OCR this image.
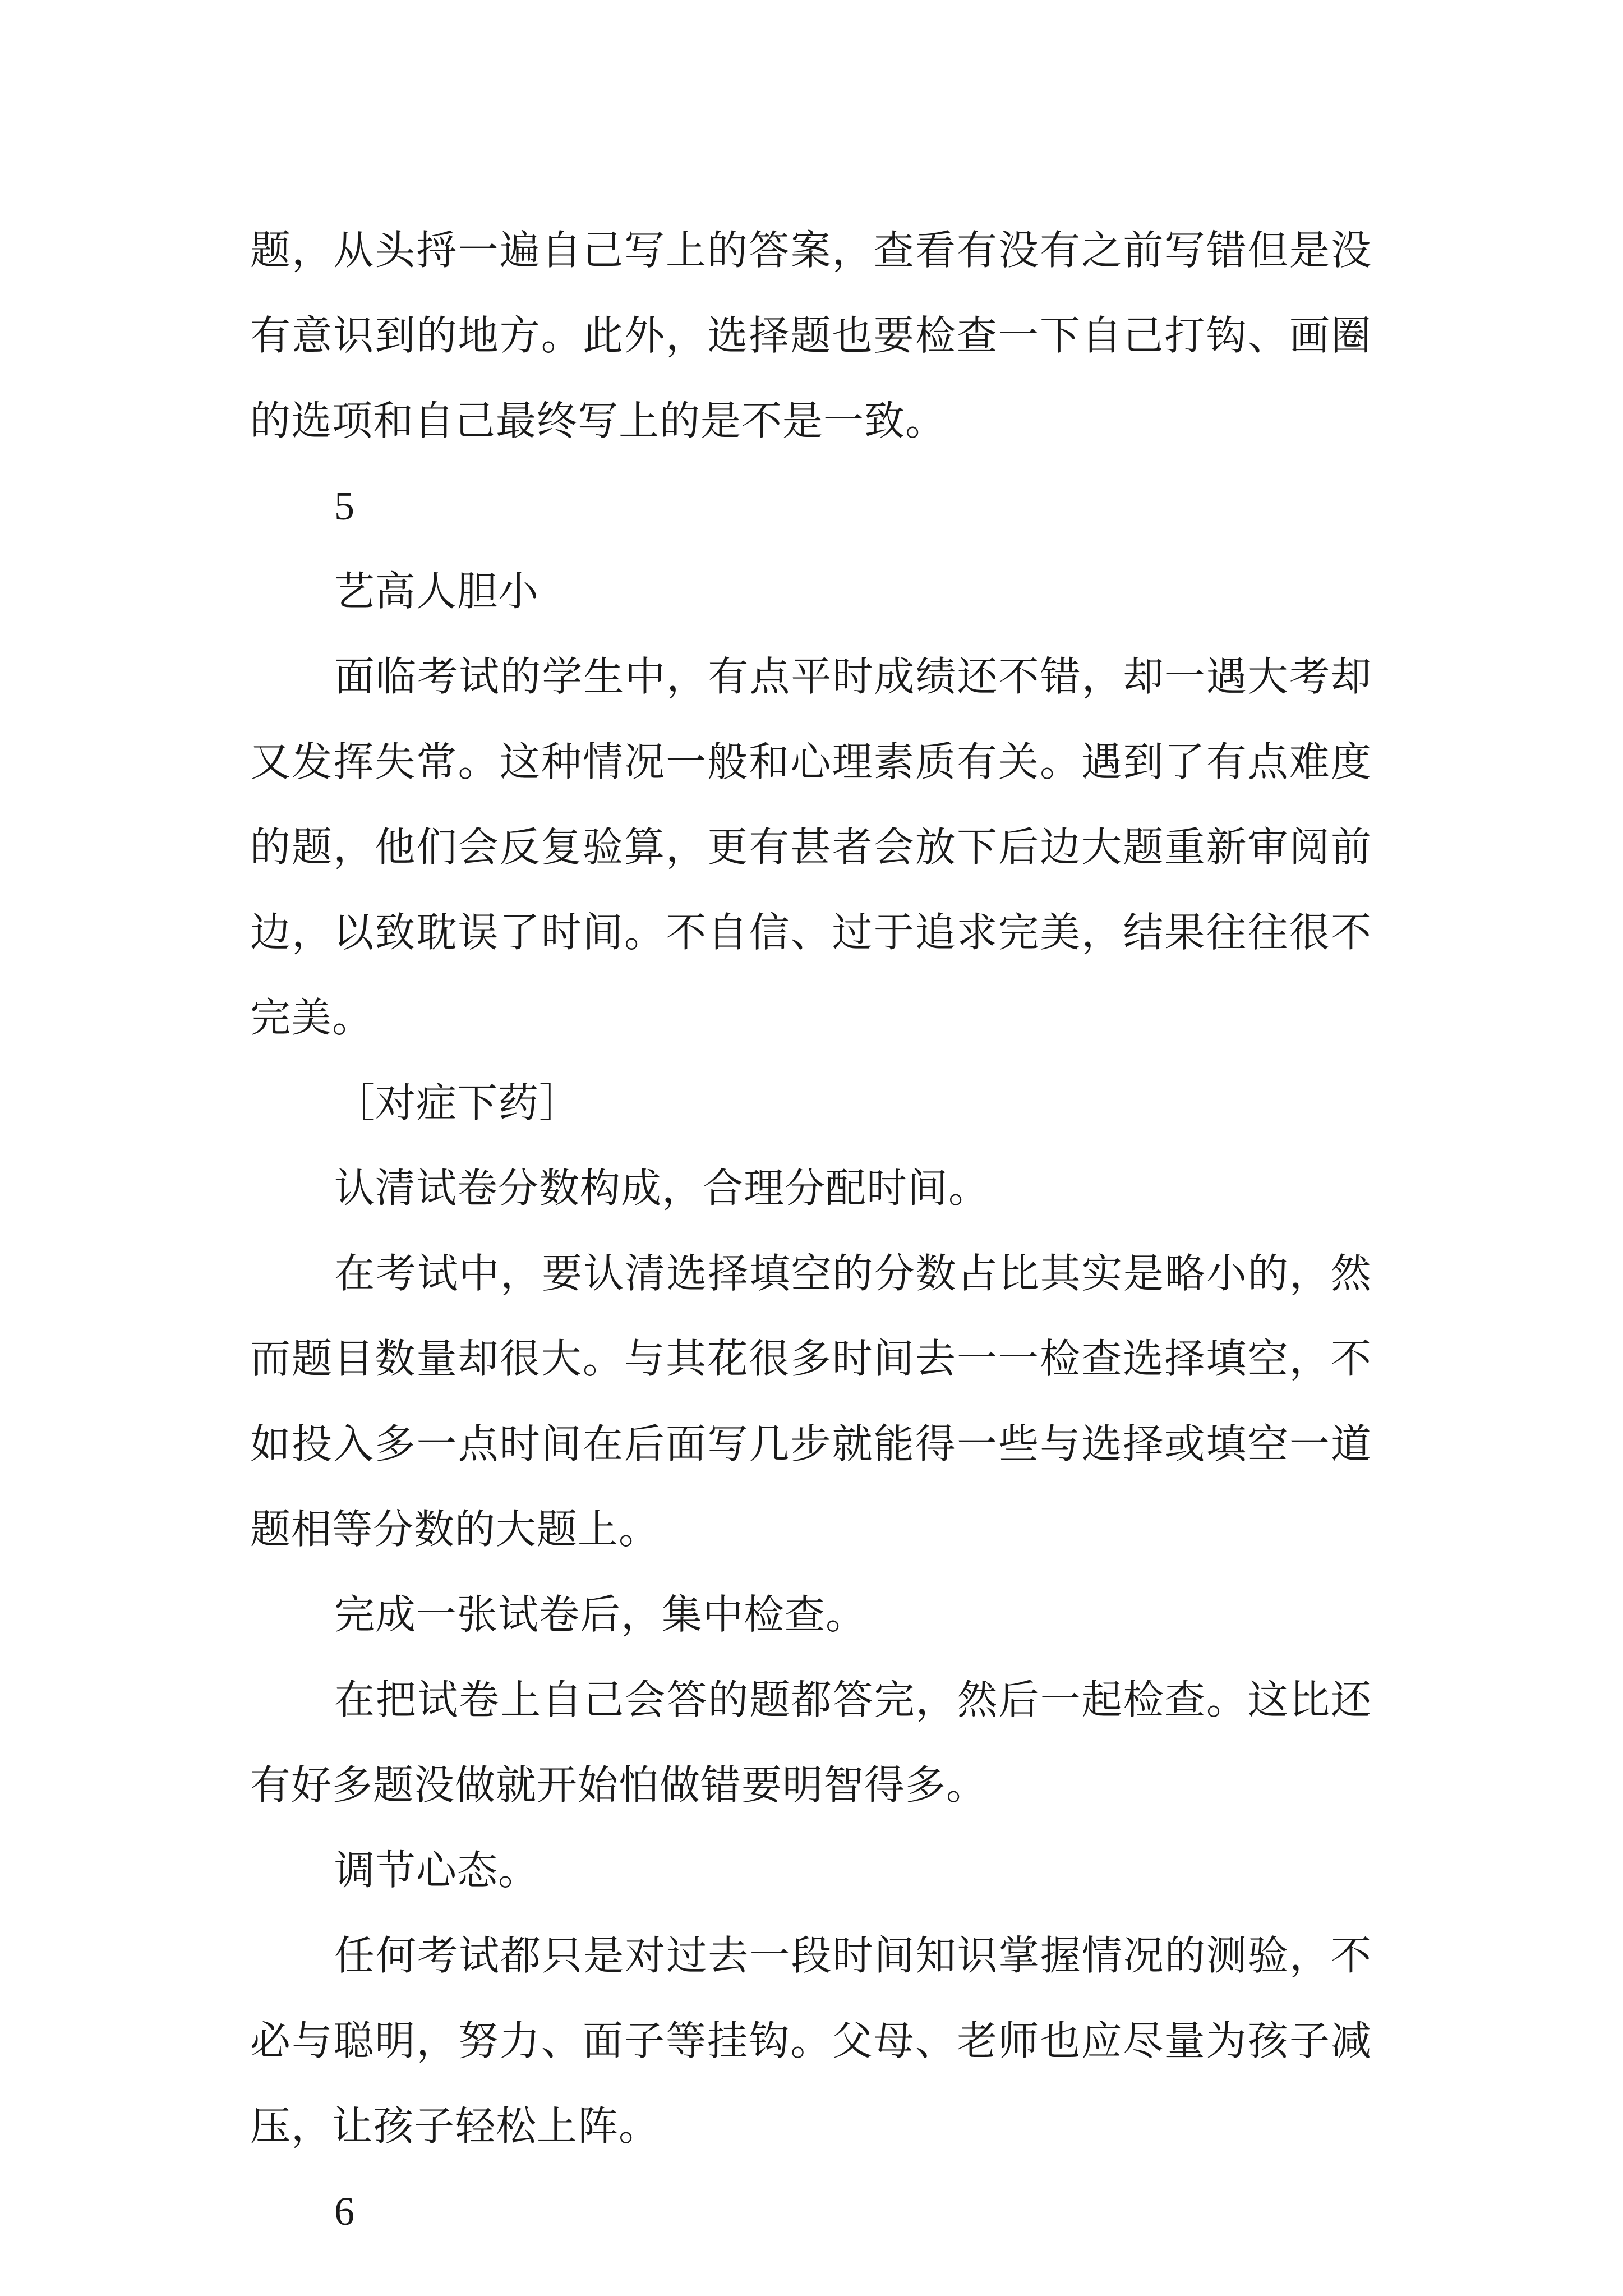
题，从头捋一遍自己写上的答案，查看有没有之前写错但是没有意识到的地方。此外，选择题也要检查一下自己打钩、画圈的选项和自己最终写上的是不是一致。

5

艺高人胆小

面临考试的学生中，有点平时成绩还不错，却一遇大考却又发挥失常。这种情况一般和心理素质有关。遇到了有点难度的题，他们会反复验算，更有甚者会放下后边大题重新审阅前边，以致耽误了时间。不自信、过于追求完美，结果往往很不完美。

［对症下药］

认清试卷分数构成，合理分配时间。

在考试中，要认清选择填空的分数占比其实是略小的，然而题目数量却很大。与其花很多时间去一一检查选择填空，不如投入多一点时间在后面写几步就能得一些与选择或填空一道题相等分数的大题上。

完成一张试卷后，集中检查。

在把试卷上自己会答的题都答完，然后一起检查。这比还有好多题没做就开始怕做错要明智得多。

调节心态。

任何考试都只是对过去一段时间知识掌握情况的测验，不必与聪明，努力、面子等挂钩。父母、老师也应尽量为孩子减压，让孩子轻松上阵。

6
